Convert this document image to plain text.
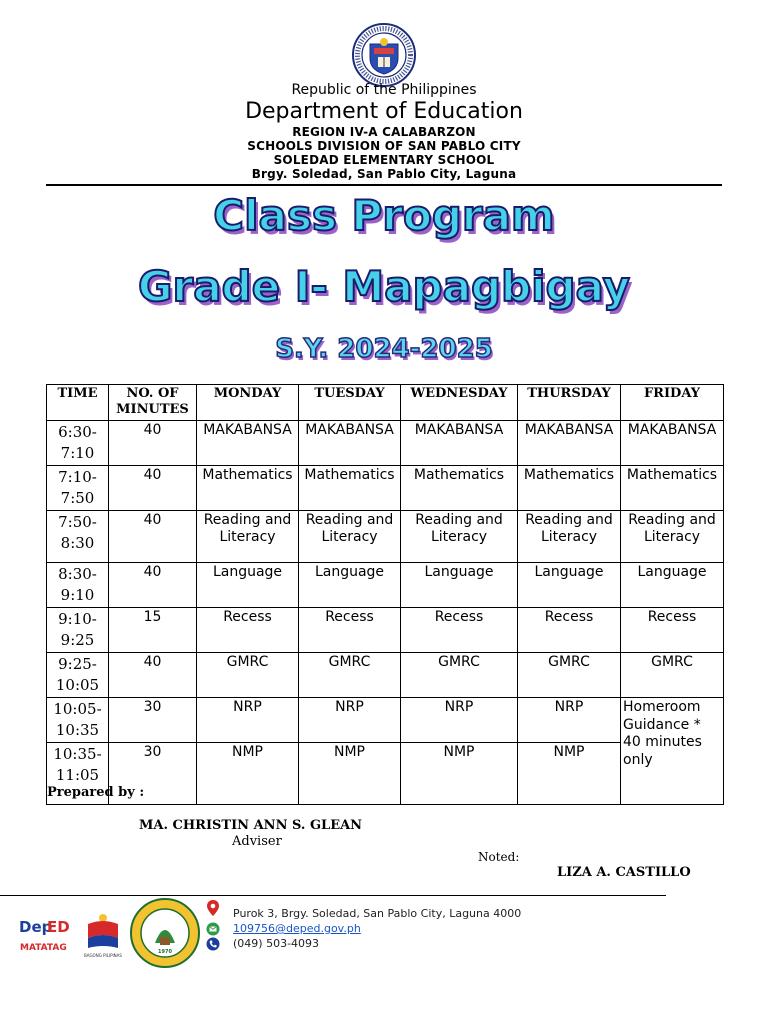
Republic of the Philippines
Department of Education
REGION IV-A CALABARZON
SCHOOLS DIVISION OF SAN PABLO CITY
SOLEDAD ELEMENTARY SCHOOL
Brgy. Soledad, San Pablo City, Laguna
Class Program
Grade I- Mapagbigay
S.Y. 2024-2025
TIME	NO. OF MINUTES	MONDAY	TUESDAY	WEDNESDAY	THURSDAY	FRIDAY
6:30-7:10	40	MAKABANSA	MAKABANSA	MAKABANSA	MAKABANSA	MAKABANSA
7:10-7:50	40	Mathematics	Mathematics	Mathematics	Mathematics	Mathematics
7:50-8:30	40	Reading and Literacy	Reading and Literacy	Reading and Literacy	Reading and Literacy	Reading and Literacy
8:30-9:10	40	Language	Language	Language	Language	Language
9:10-9:25	15	Recess	Recess	Recess	Recess	Recess
9:25-10:05	40	GMRC	GMRC	GMRC	GMRC	GMRC
10:05-10:35	30	NRP	NRP	NRP	NRP	Homeroom Guidance * 40 minutes only
10:35-11:05	30	NMP	NMP	NMP	NMP	
Prepared by :
MA. CHRISTIN ANN S. GLEAN
Adviser
Noted:
LIZA A. CASTILLO
Dep
ED
MATATAG
BAGONG PILIPINAS
1970
Purok 3, Brgy. Soledad, San Pablo City, Laguna 4000
109756@deped.gov.ph
(049) 503-4093
